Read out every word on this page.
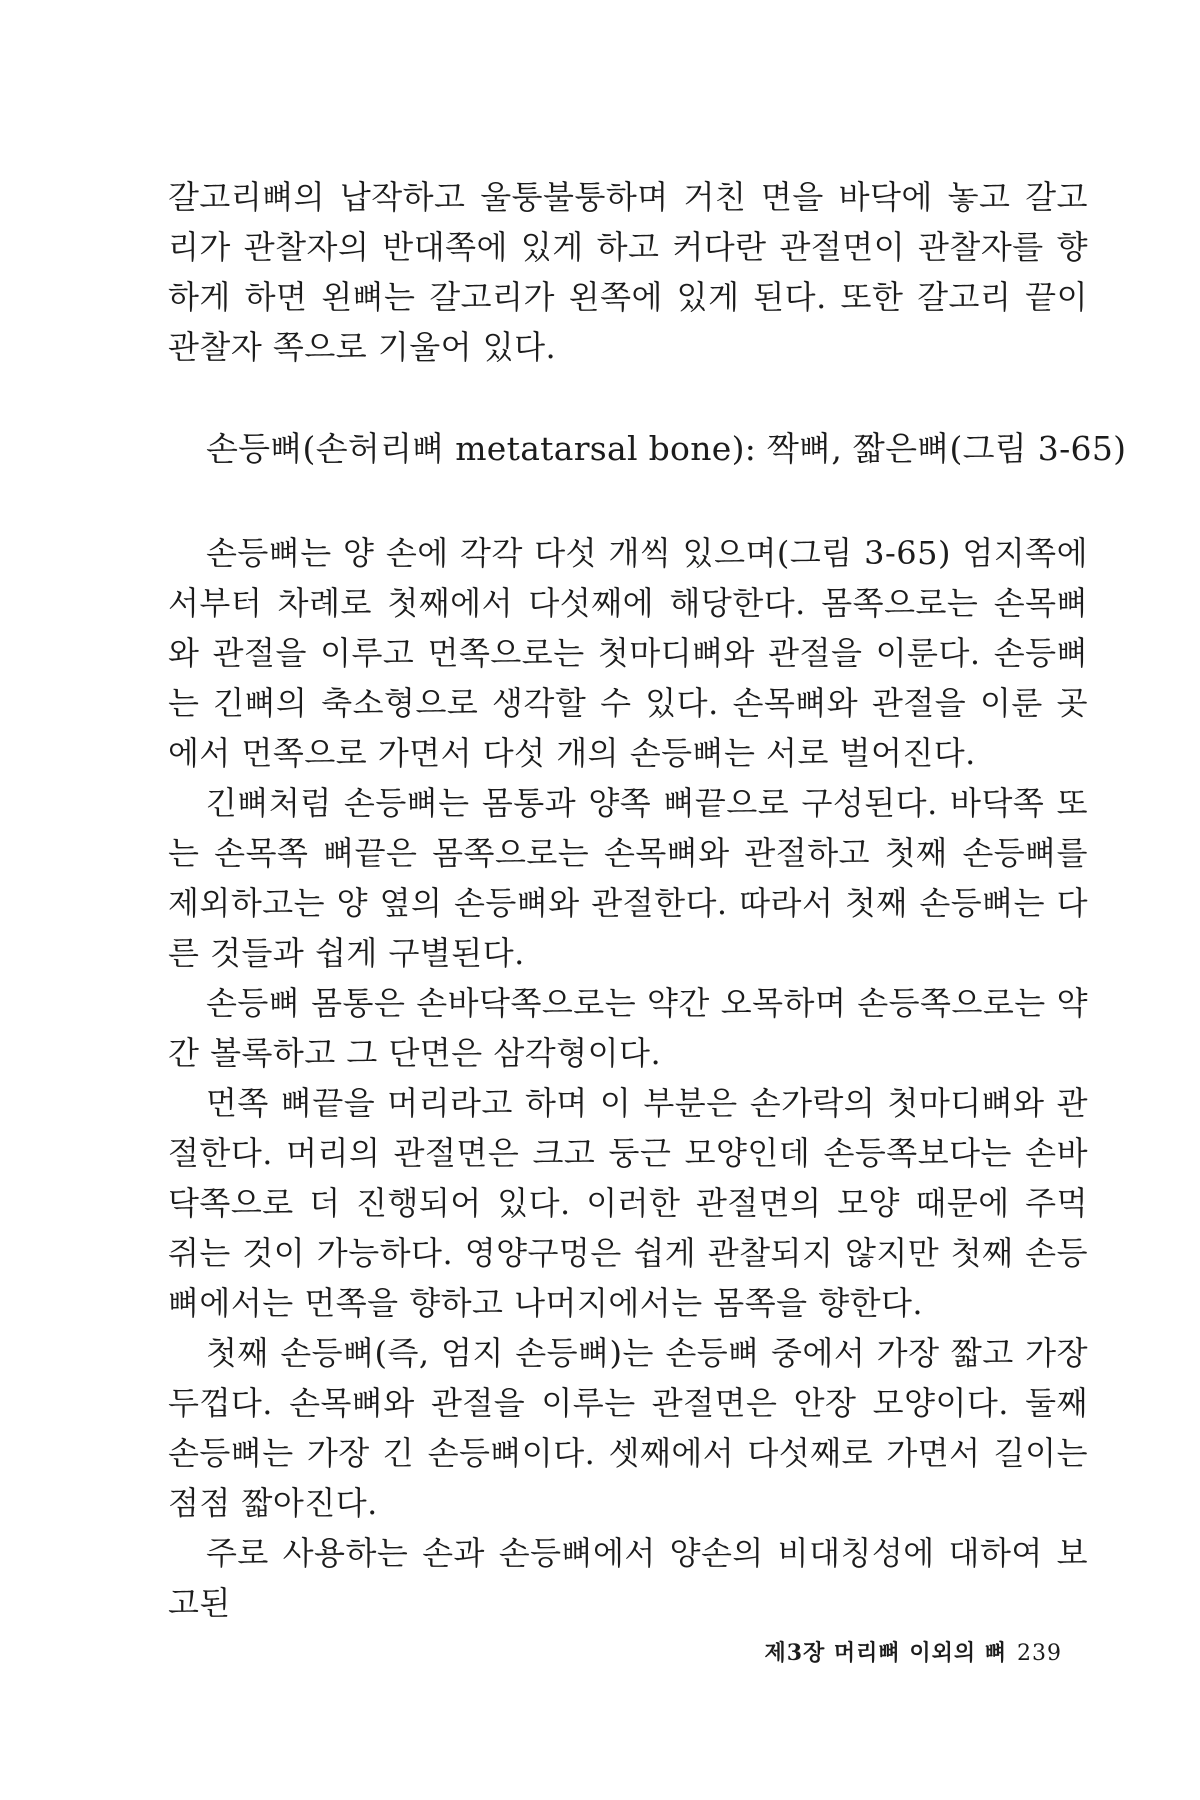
갈고리뼈의 납작하고 울퉁불퉁하며 거친 면을 바닥에 놓고 갈고리가 관찰자의 반대쪽에 있게 하고 커다란 관절면이 관찰자를 향하게 하면 왼뼈는 갈고리가 왼쪽에 있게 된다. 또한 갈고리 끝이 관찰자 쪽으로 기울어 있다.

손등뼈(손허리뼈 metatarsal bone): 짝뼈, 짧은뼈(그림 3-65)

손등뼈는 양 손에 각각 다섯 개씩 있으며(그림 3-65) 엄지쪽에서부터 차례로 첫째에서 다섯째에 해당한다. 몸쪽으로는 손목뼈와 관절을 이루고 먼쪽으로는 첫마디뼈와 관절을 이룬다. 손등뼈는 긴뼈의 축소형으로 생각할 수 있다. 손목뼈와 관절을 이룬 곳에서 먼쪽으로 가면서 다섯 개의 손등뼈는 서로 벌어진다.

긴뼈처럼 손등뼈는 몸통과 양쪽 뼈끝으로 구성된다. 바닥쪽 또는 손목쪽 뼈끝은 몸쪽으로는 손목뼈와 관절하고 첫째 손등뼈를 제외하고는 양 옆의 손등뼈와 관절한다. 따라서 첫째 손등뼈는 다른 것들과 쉽게 구별된다.

손등뼈 몸통은 손바닥쪽으로는 약간 오목하며 손등쪽으로는 약간 볼록하고 그 단면은 삼각형이다.

먼쪽 뼈끝을 머리라고 하며 이 부분은 손가락의 첫마디뼈와 관절한다. 머리의 관절면은 크고 둥근 모양인데 손등쪽보다는 손바닥쪽으로 더 진행되어 있다. 이러한 관절면의 모양 때문에 주먹 쥐는 것이 가능하다. 영양구멍은 쉽게 관찰되지 않지만 첫째 손등뼈에서는 먼쪽을 향하고 나머지에서는 몸쪽을 향한다.

첫째 손등뼈(즉, 엄지 손등뼈)는 손등뼈 중에서 가장 짧고 가장 두껍다. 손목뼈와 관절을 이루는 관절면은 안장 모양이다. 둘째 손등뼈는 가장 긴 손등뼈이다. 셋째에서 다섯째로 가면서 길이는 점점 짧아진다.

주로 사용하는 손과 손등뼈에서 양손의 비대칭성에 대하여 보고된

제3장 머리뼈 이외의 뼈 239
